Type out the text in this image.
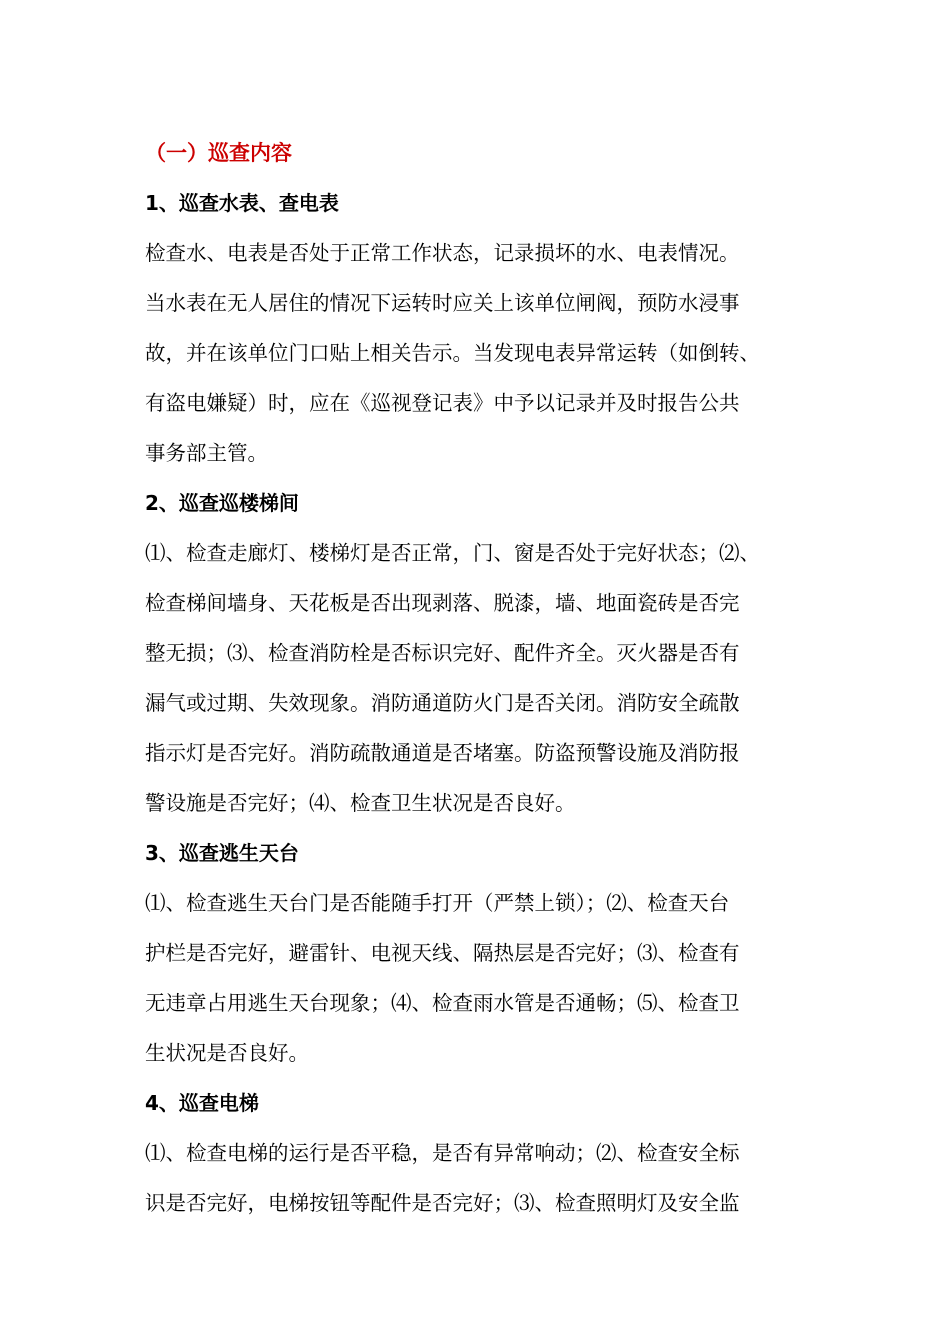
（一）巡查内容
1、巡查水表、查电表
检查水、电表是否处于正常工作状态，记录损坏的水、电表情况。
当水表在无人居住的情况下运转时应关上该单位闸阀，预防水浸事
故，并在该单位门口贴上相关告示。当发现电表异常运转（如倒转、
有盗电嫌疑）时，应在《巡视登记表》中予以记录并及时报告公共
事务部主管。
2、巡查巡楼梯间
⑴、检查走廊灯、楼梯灯是否正常，门、窗是否处于完好状态；⑵、
检查梯间墙身、天花板是否出现剥落、脱漆，墙、地面瓷砖是否完
整无损；⑶、检查消防栓是否标识完好、配件齐全。灭火器是否有
漏气或过期、失效现象。消防通道防火门是否关闭。消防安全疏散
指示灯是否完好。消防疏散通道是否堵塞。防盗预警设施及消防报
警设施是否完好；⑷、检查卫生状况是否良好。
3、巡查逃生天台
⑴、检查逃生天台门是否能随手打开（严禁上锁）；⑵、检查天台
护栏是否完好，避雷针、电视天线、隔热层是否完好；⑶、检查有
无违章占用逃生天台现象；⑷、检查雨水管是否通畅；⑸、检查卫
生状况是否良好。
4、巡查电梯
⑴、检查电梯的运行是否平稳，是否有异常响动；⑵、检查安全标
识是否完好，电梯按钮等配件是否完好；⑶、检查照明灯及安全监
